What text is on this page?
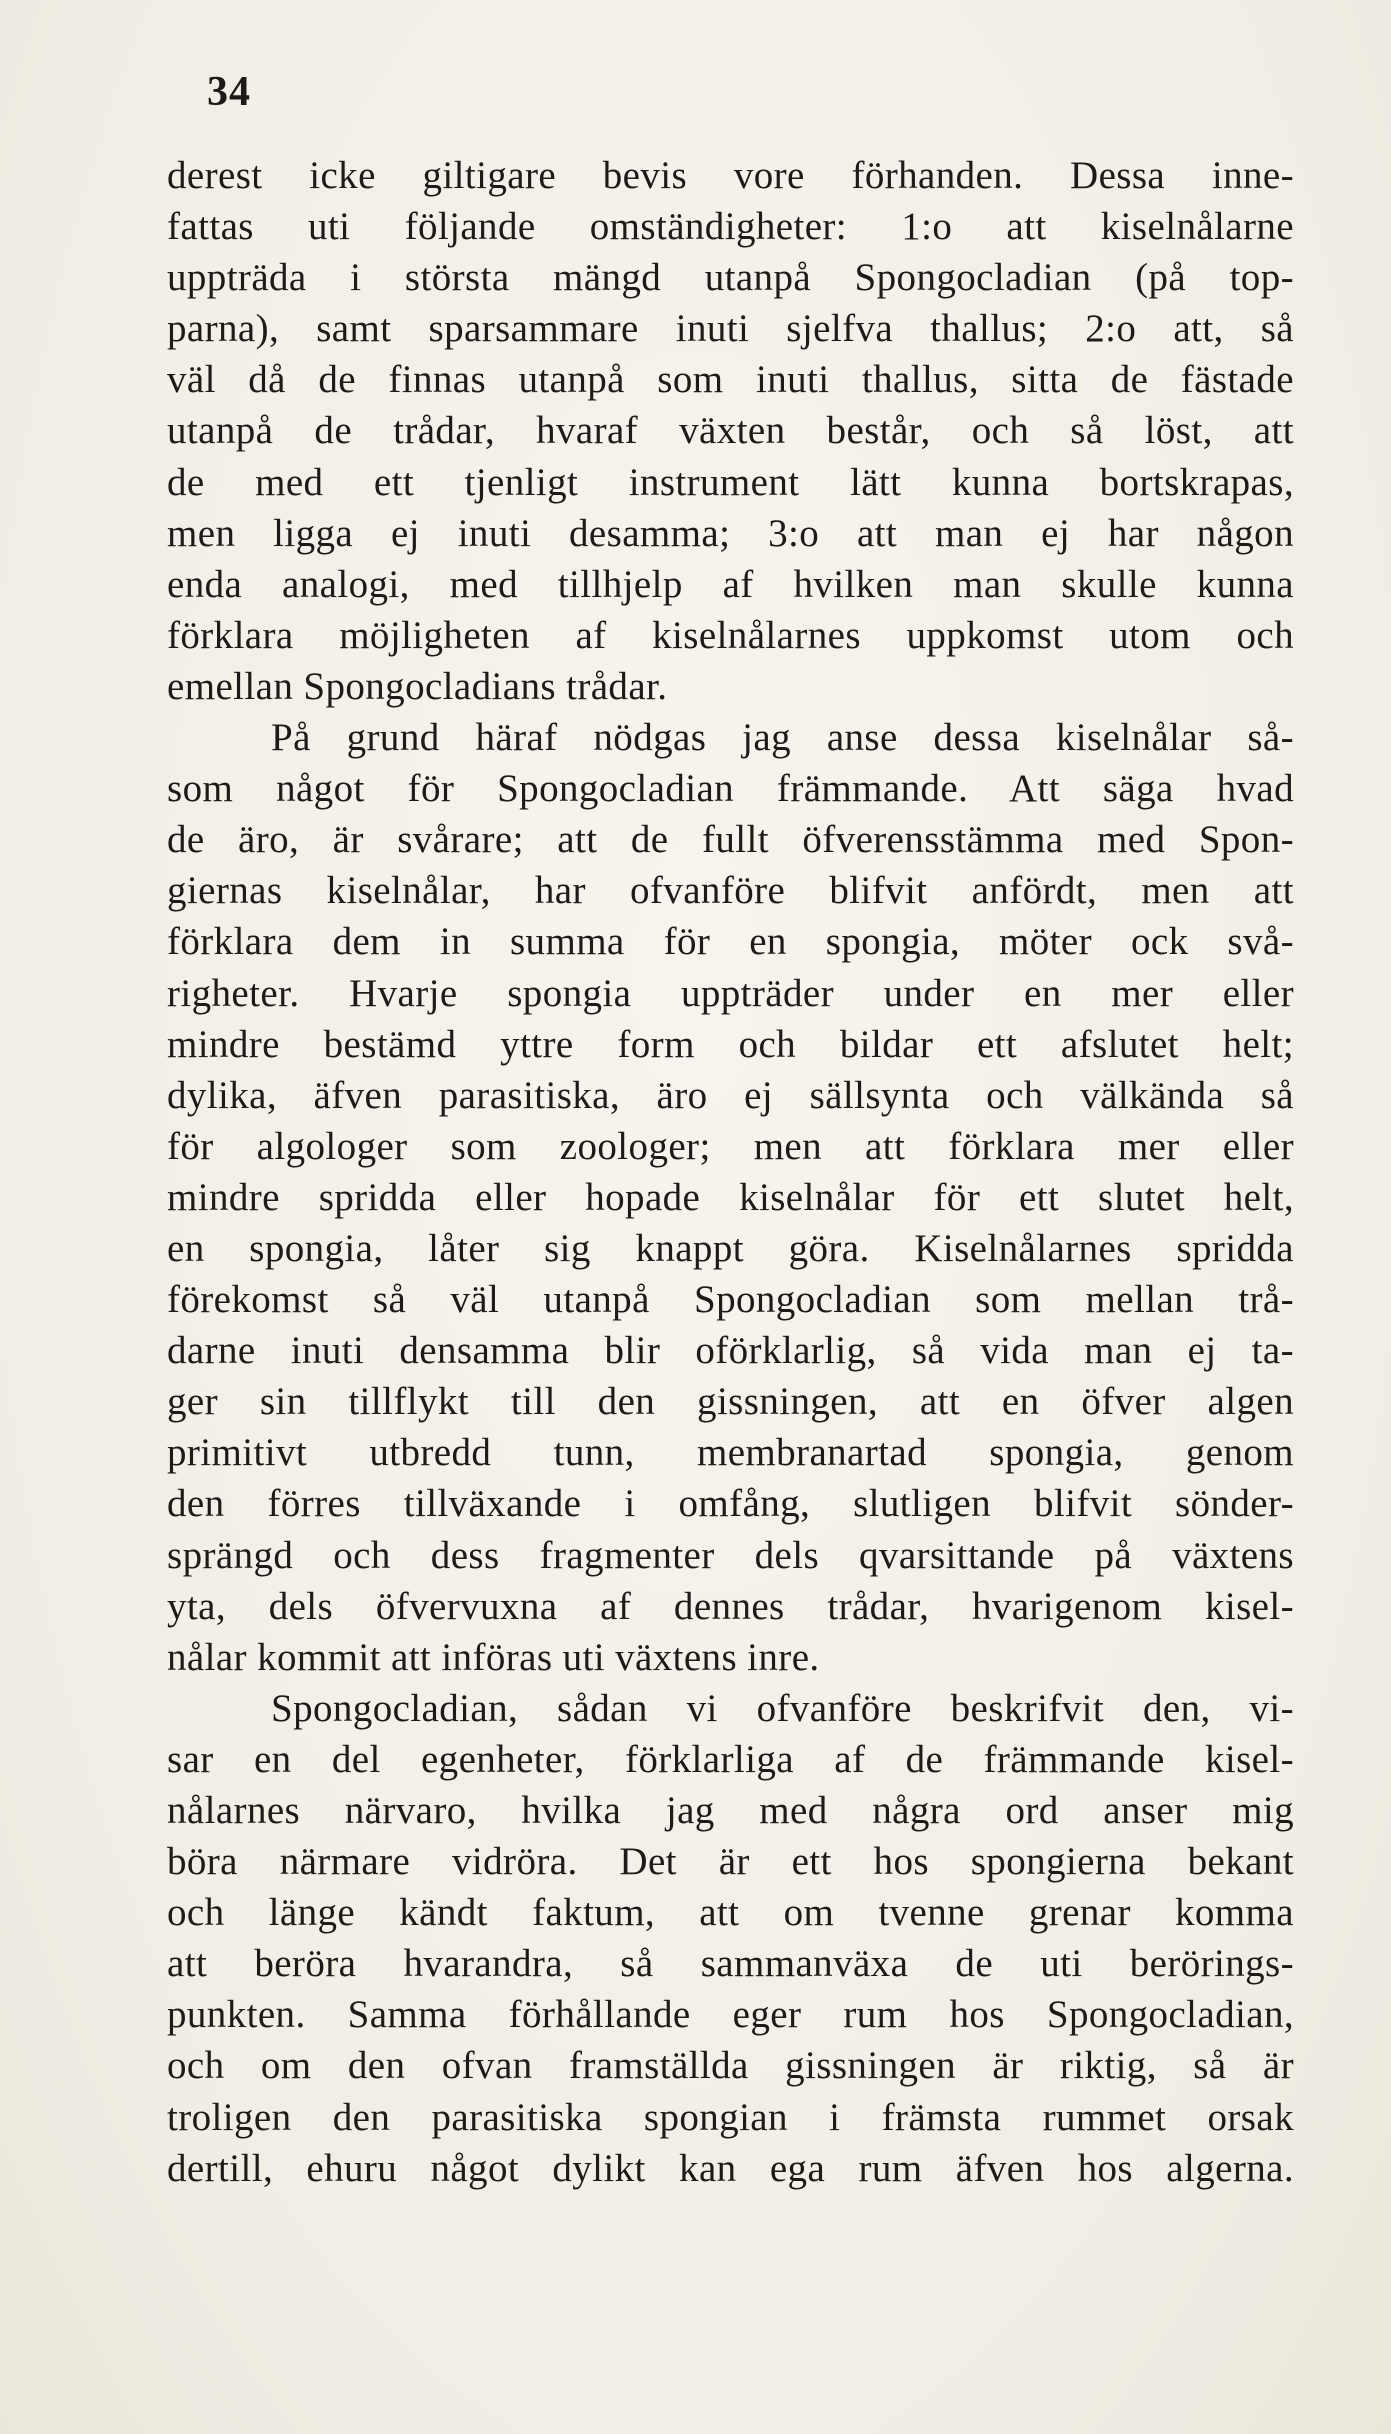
34
derest icke giltigare bevis vore förhanden. Dessa inne-
fattas uti följande omständigheter: 1:o att kiselnålarne
uppträda i största mängd utanpå Spongocladian (på top-
parna), samt sparsammare inuti sjelfva thallus; 2:o att, så
väl då de finnas utanpå som inuti thallus, sitta de fästade
utanpå de trådar, hvaraf växten består, och så löst, att
de med ett tjenligt instrument lätt kunna bortskrapas,
men ligga ej inuti desamma; 3:o att man ej har någon
enda analogi, med tillhjelp af hvilken man skulle kunna
förklara möjligheten af kiselnålarnes uppkomst utom och
emellan Spongocladians trådar.
På grund häraf nödgas jag anse dessa kiselnålar så-
som något för Spongocladian främmande. Att säga hvad
de äro, är svårare; att de fullt öfverensstämma med Spon-
giernas kiselnålar, har ofvanföre blifvit anfördt, men att
förklara dem in summa för en spongia, möter ock svå-
righeter. Hvarje spongia uppträder under en mer eller
mindre bestämd yttre form och bildar ett afslutet helt;
dylika, äfven parasitiska, äro ej sällsynta och välkända så
för algologer som zoologer; men att förklara mer eller
mindre spridda eller hopade kiselnålar för ett slutet helt,
en spongia, låter sig knappt göra. Kiselnålarnes spridda
förekomst så väl utanpå Spongocladian som mellan trå-
darne inuti densamma blir oförklarlig, så vida man ej ta-
ger sin tillflykt till den gissningen, att en öfver algen
primitivt utbredd tunn, membranartad spongia, genom
den förres tillväxande i omfång, slutligen blifvit sönder-
sprängd och dess fragmenter dels qvarsittande på växtens
yta, dels öfvervuxna af dennes trådar, hvarigenom kisel-
nålar kommit att införas uti växtens inre.
Spongocladian, sådan vi ofvanföre beskrifvit den, vi-
sar en del egenheter, förklarliga af de främmande kisel-
nålarnes närvaro, hvilka jag med några ord anser mig
böra närmare vidröra. Det är ett hos spongierna bekant
och länge kändt faktum, att om tvenne grenar komma
att beröra hvarandra, så sammanväxa de uti berörings-
punkten. Samma förhållande eger rum hos Spongocladian,
och om den ofvan framställda gissningen är riktig, så är
troligen den parasitiska spongian i främsta rummet orsak
dertill, ehuru något dylikt kan ega rum äfven hos algerna.
